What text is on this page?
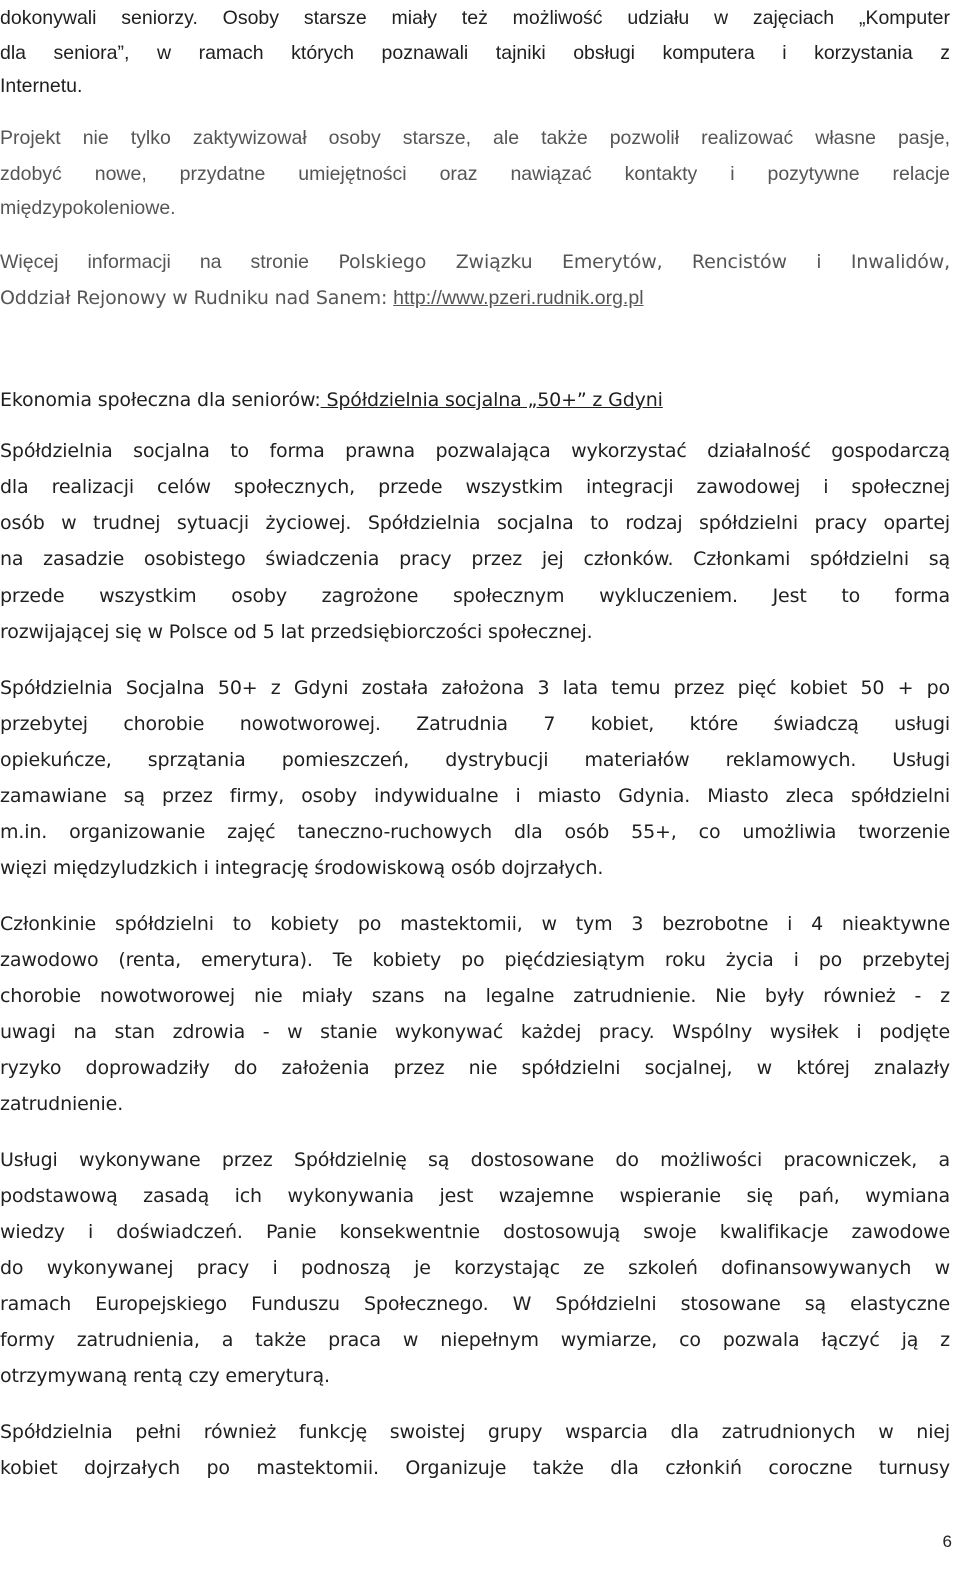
dokonywali seniorzy. Osoby starsze miały też możliwość udziału w zajęciach „Komputer
dla seniora”, w ramach których poznawali tajniki obsługi komputera i korzystania z
Internetu.
Projekt nie tylko zaktywizował osoby starsze, ale także pozwolił realizować własne pasje,
zdobyć nowe, przydatne umiejętności oraz nawiązać kontakty i pozytywne relacje
międzypokoleniowe.
Więcej informacji na stronie Polskiego Związku Emerytów, Rencistów i Inwalidów,
Oddział Rejonowy w Rudniku nad Sanem: http://www.pzeri.rudnik.org.pl
Ekonomia społeczna dla seniorów: Spółdzielnia socjalna „50+” z Gdyni
Spółdzielnia socjalna to forma prawna pozwalająca wykorzystać działalność gospodarczą
dla realizacji celów społecznych, przede wszystkim integracji zawodowej i społecznej
osób w trudnej sytuacji życiowej. Spółdzielnia socjalna to rodzaj spółdzielni pracy opartej
na zasadzie osobistego świadczenia pracy przez jej członków. Członkami spółdzielni są
przede wszystkim osoby zagrożone społecznym wykluczeniem. Jest to forma
rozwijającej się w Polsce od 5 lat przedsiębiorczości społecznej.
Spółdzielnia Socjalna 50+ z Gdyni została założona 3 lata temu przez pięć kobiet 50 + po
przebytej chorobie nowotworowej. Zatrudnia 7 kobiet, które świadczą usługi
opiekuńcze, sprzątania pomieszczeń, dystrybucji materiałów reklamowych. Usługi
zamawiane są przez firmy, osoby indywidualne i miasto Gdynia. Miasto zleca spółdzielni
m.in. organizowanie zajęć taneczno-ruchowych dla osób 55+, co umożliwia tworzenie
więzi międzyludzkich i integrację środowiskową osób dojrzałych.
Członkinie spółdzielni to kobiety po mastektomii, w tym 3 bezrobotne i 4 nieaktywne
zawodowo (renta, emerytura). Te kobiety po pięćdziesiątym roku życia i po przebytej
chorobie nowotworowej nie miały szans na legalne zatrudnienie. Nie były również - z
uwagi na stan zdrowia - w stanie wykonywać każdej pracy. Wspólny wysiłek i podjęte
ryzyko doprowadziły do założenia przez nie spółdzielni socjalnej, w której znalazły
zatrudnienie.
Usługi wykonywane przez Spółdzielnię są dostosowane do możliwości pracowniczek, a
podstawową zasadą ich wykonywania jest wzajemne wspieranie się pań, wymiana
wiedzy i doświadczeń. Panie konsekwentnie dostosowują swoje kwalifikacje zawodowe
do wykonywanej pracy i podnoszą je korzystając ze szkoleń dofinansowywanych w
ramach Europejskiego Funduszu Społecznego. W Spółdzielni stosowane są elastyczne
formy zatrudnienia, a także praca w niepełnym wymiarze, co pozwala łączyć ją z
otrzymywaną rentą czy emeryturą.
Spółdzielnia pełni również funkcję swoistej grupy wsparcia dla zatrudnionych w niej
kobiet dojrzałych po mastektomii. Organizuje także dla członkiń coroczne turnusy
6
